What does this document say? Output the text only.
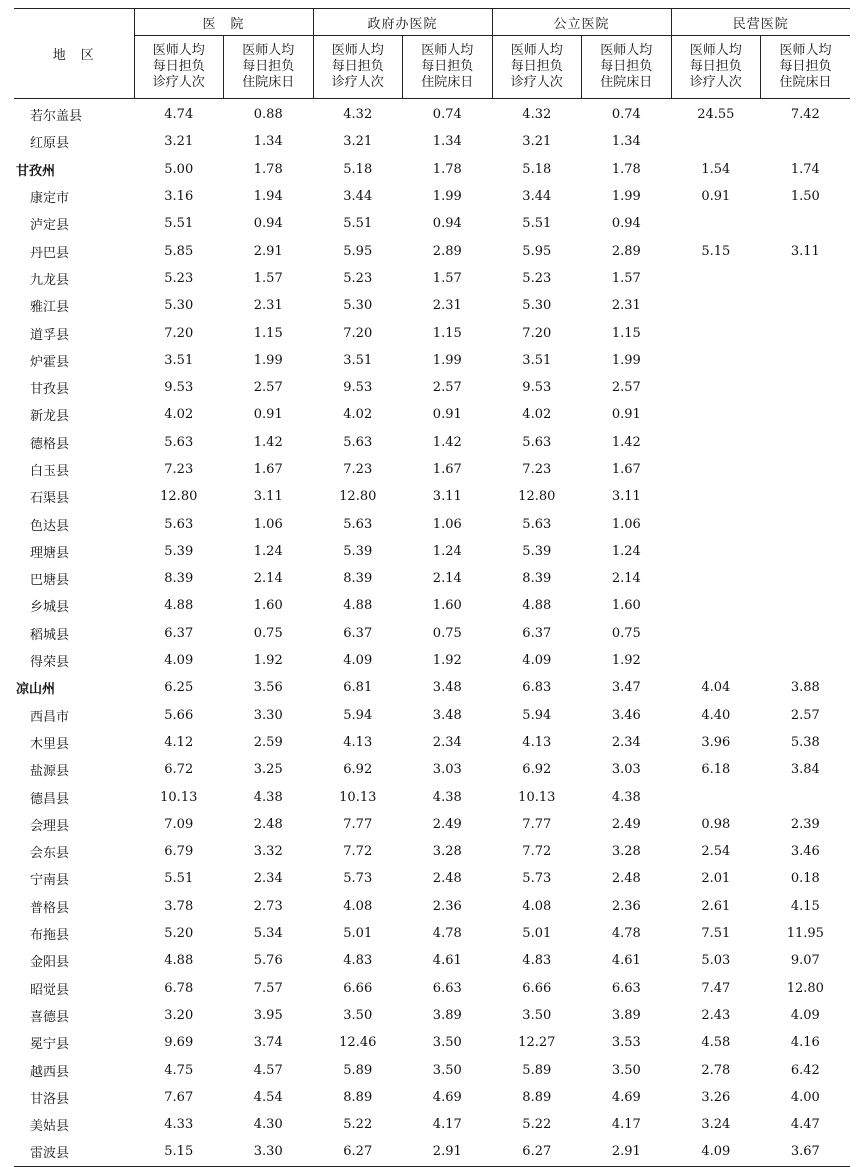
地　区	医　院		政府办医院		公立医院		民营医院	
	医师人均
每日担负
诊疗人次	医师人均
每日担负
住院床日	医师人均
每日担负
诊疗人次	医师人均
每日担负
住院床日	医师人均
每日担负
诊疗人次	医师人均
每日担负
住院床日	医师人均
每日担负
诊疗人次	医师人均
每日担负
住院床日
若尔盖县	4.74	0.88	4.32	0.74	4.32	0.74	24.55	7.42
红原县	3.21	1.34	3.21	1.34	3.21	1.34		
甘孜州	5.00	1.78	5.18	1.78	5.18	1.78	1.54	1.74
康定市	3.16	1.94	3.44	1.99	3.44	1.99	0.91	1.50
泸定县	5.51	0.94	5.51	0.94	5.51	0.94		
丹巴县	5.85	2.91	5.95	2.89	5.95	2.89	5.15	3.11
九龙县	5.23	1.57	5.23	1.57	5.23	1.57		
雅江县	5.30	2.31	5.30	2.31	5.30	2.31		
道孚县	7.20	1.15	7.20	1.15	7.20	1.15		
炉霍县	3.51	1.99	3.51	1.99	3.51	1.99		
甘孜县	9.53	2.57	9.53	2.57	9.53	2.57		
新龙县	4.02	0.91	4.02	0.91	4.02	0.91		
德格县	5.63	1.42	5.63	1.42	5.63	1.42		
白玉县	7.23	1.67	7.23	1.67	7.23	1.67		
石渠县	12.80	3.11	12.80	3.11	12.80	3.11		
色达县	5.63	1.06	5.63	1.06	5.63	1.06		
理塘县	5.39	1.24	5.39	1.24	5.39	1.24		
巴塘县	8.39	2.14	8.39	2.14	8.39	2.14		
乡城县	4.88	1.60	4.88	1.60	4.88	1.60		
稻城县	6.37	0.75	6.37	0.75	6.37	0.75		
得荣县	4.09	1.92	4.09	1.92	4.09	1.92		
凉山州	6.25	3.56	6.81	3.48	6.83	3.47	4.04	3.88
西昌市	5.66	3.30	5.94	3.48	5.94	3.46	4.40	2.57
木里县	4.12	2.59	4.13	2.34	4.13	2.34	3.96	5.38
盐源县	6.72	3.25	6.92	3.03	6.92	3.03	6.18	3.84
德昌县	10.13	4.38	10.13	4.38	10.13	4.38		
会理县	7.09	2.48	7.77	2.49	7.77	2.49	0.98	2.39
会东县	6.79	3.32	7.72	3.28	7.72	3.28	2.54	3.46
宁南县	5.51	2.34	5.73	2.48	5.73	2.48	2.01	0.18
普格县	3.78	2.73	4.08	2.36	4.08	2.36	2.61	4.15
布拖县	5.20	5.34	5.01	4.78	5.01	4.78	7.51	11.95
金阳县	4.88	5.76	4.83	4.61	4.83	4.61	5.03	9.07
昭觉县	6.78	7.57	6.66	6.63	6.66	6.63	7.47	12.80
喜德县	3.20	3.95	3.50	3.89	3.50	3.89	2.43	4.09
冕宁县	9.69	3.74	12.46	3.50	12.27	3.53	4.58	4.16
越西县	4.75	4.57	5.89	3.50	5.89	3.50	2.78	6.42
甘洛县	7.67	4.54	8.89	4.69	8.89	4.69	3.26	4.00
美姑县	4.33	4.30	5.22	4.17	5.22	4.17	3.24	4.47
雷波县	5.15	3.30	6.27	2.91	6.27	2.91	4.09	3.67
